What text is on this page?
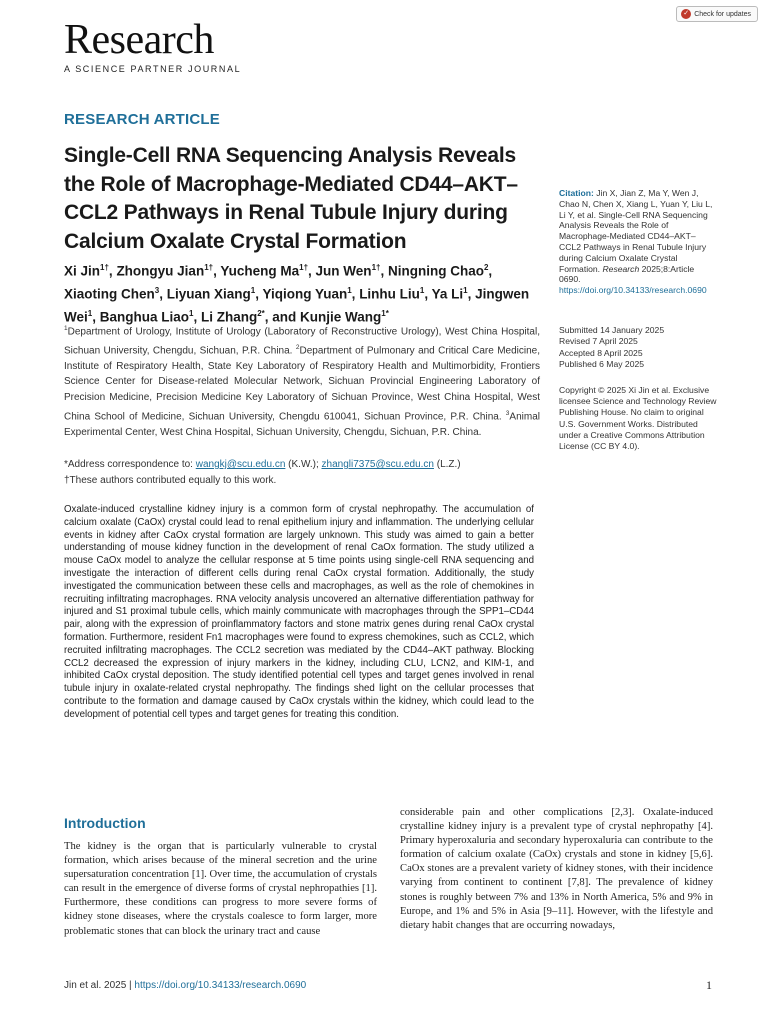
Research
A SCIENCE PARTNER JOURNAL
✓ Check for updates
RESEARCH ARTICLE
Single-Cell RNA Sequencing Analysis Reveals the Role of Macrophage-Mediated CD44–AKT–CCL2 Pathways in Renal Tubule Injury during Calcium Oxalate Crystal Formation
Xi Jin$^{1\dagger}$, Zhongyu Jian$^{1\dagger}$, Yucheng $Ma^{1\dagger}$, Jun Wen$^{1\dagger}$, Ningning Chao$^2$, Xiaoting Chen$^3$, Liyuan Xiang$^1$, Yiqiong Yuan$^1$, Linhu Liu$^1$, Ya Li$^1$, Jingwen Wei$^1$, Banghua Liao$^1$, Li Zhang$^{2*}$, and Kunjie Wang$^{1*}$
$^1$Department of Urology, Institute of Urology (Laboratory of Reconstructive Urology), West China Hospital, Sichuan University, Chengdu, Sichuan, P.R. China. $^2$Department of Pulmonary and Critical Care Medicine, Institute of Respiratory Health, State Key Laboratory of Respiratory Health and Multimorbidity, Frontiers Science Center for Disease-related Molecular Network, Sichuan Provincial Engineering Laboratory of Precision Medicine, Precision Medicine Key Laboratory of Sichuan Province, West China Hospital, West China School of Medicine, Sichuan University, Chengdu 610041, Sichuan Province, P.R. China. $^3$Animal Experimental Center, West China Hospital, Sichuan University, Chengdu, Sichuan, P.R. China.
*Address correspondence to: wangkj@scu.edu.cn (K.W.); zhangli7375@scu.edu.cn (L.Z.)
†These authors contributed equally to this work.
Oxalate-induced crystalline kidney injury is a common form of crystal nephropathy. The accumulation of calcium oxalate (CaOx) crystal could lead to renal epithelium injury and inflammation. The underlying cellular events in kidney after CaOx crystal formation are largely unknown. This study was aimed to gain a better understanding of mouse kidney function in the development of renal CaOx formation. The study utilized a mouse CaOx model to analyze the cellular response at 5 time points using single-cell RNA sequencing and investigate the interaction of different cells during renal CaOx crystal formation. Additionally, the study investigated the communication between these cells and macrophages, as well as the role of chemokines in recruiting infiltrating macrophages. RNA velocity analysis uncovered an alternative differentiation pathway for injured and S1 proximal tubule cells, which mainly communicate with macrophages through the SPP1–CD44 pair, along with the expression of proinflammatory factors and stone matrix genes during renal CaOx crystal formation. Furthermore, resident Fn1 macrophages were found to express chemokines, such as CCL2, which recruited infiltrating macrophages. The CCL2 secretion was mediated by the CD44–AKT pathway. Blocking CCL2 decreased the expression of injury markers in the kidney, including CLU, LCN2, and KIM-1, and inhibited CaOx crystal deposition. The study identified potential cell types and target genes involved in renal tubule injury in oxalate-related crystal nephropathy. The findings shed light on the cellular processes that contribute to the formation and damage caused by CaOx crystals within the kidney, which could lead to the development of potential cell types and target genes for treating this condition.
Citation: Jin X, Jian Z, Ma Y, Wen J, Chao N, Chen X, Xiang L, Yuan Y, Liu L, Li Y, et al. Single-Cell RNA Sequencing Analysis Reveals the Role of Macrophage-Mediated CD44–AKT–CCL2 Pathways in Renal Tubule Injury during Calcium Oxalate Crystal Formation. Research 2025;8:Article 0690. https://doi.org/10.34133/research.0690
Submitted 14 January 2025
Revised 7 April 2025
Accepted 8 April 2025
Published 6 May 2025
Copyright © 2025 Xi Jin et al. Exclusive licensee Science and Technology Review Publishing House. No claim to original U.S. Government Works. Distributed under a Creative Commons Attribution License (CC BY 4.0).
Introduction
The kidney is the organ that is particularly vulnerable to crystal formation, which arises because of the mineral secretion and the urine supersaturation concentration [1]. Over time, the accumulation of crystals can result in the emergence of diverse forms of crystal nephropathies [1]. Furthermore, these conditions can progress to more severe forms of kidney stone diseases, where the crystals coalesce to form larger, more problematic stones that can block the urinary tract and cause
considerable pain and other complications [2,3]. Oxalate-induced crystalline kidney injury is a prevalent type of crystal nephropathy [4]. Primary hyperoxaluria and secondary hyperoxaluria can contribute to the formation of calcium oxalate (CaOx) crystals and stone in kidney [5,6]. CaOx stones are a prevalent variety of kidney stones, with their incidence varying from continent to continent [7,8]. The prevalence of kidney stones is roughly between 7% and 13% in North America, 5% and 9% in Europe, and 1% and 5% in Asia [9–11]. However, with the lifestyle and dietary habit changes that are occurring nowadays,
Jin et al. 2025 | https://doi.org/10.34133/research.0690	1
